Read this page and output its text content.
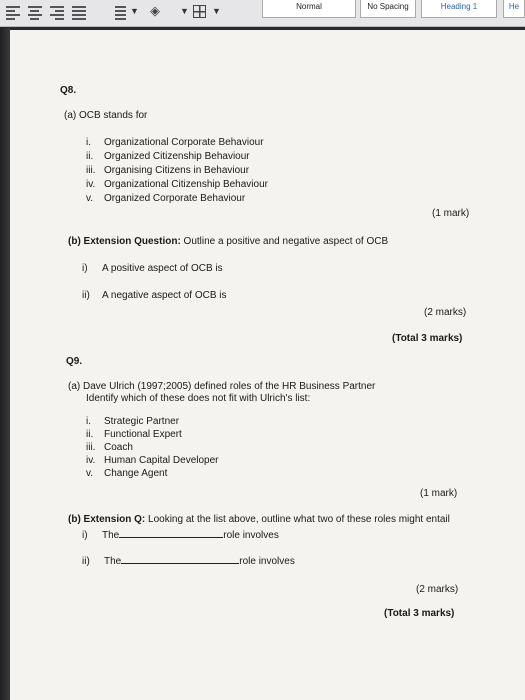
▼ ◈	▼	▼	Normal	No Spacing	Heading 1	He
Q8.
(a) OCB stands for
i. Organizational Corporate Behaviour
ii. Organized Citizenship Behaviour
iii. Organising Citizens in Behaviour
iv. Organizational Citizenship Behaviour
v. Organized Corporate Behaviour
(1 mark)
(b) Extension Question: Outline a positive and negative aspect of OCB
i) A positive aspect of OCB is
ii) A negative aspect of OCB is
(2 marks)
(Total 3 marks)
Q9.
(a) Dave Ulrich (1997;2005) defined roles of the HR Business Partner
Identify which of these does not fit with Ulrich's list:
i. Strategic Partner
ii. Functional Expert
iii. Coach
iv. Human Capital Developer
v. Change Agent
(1 mark)
(b) Extension Q: Looking at the list above, outline what two of these roles might entail
i) The	role involves
ii) The	role involves
(2 marks)
(Total 3 marks)
